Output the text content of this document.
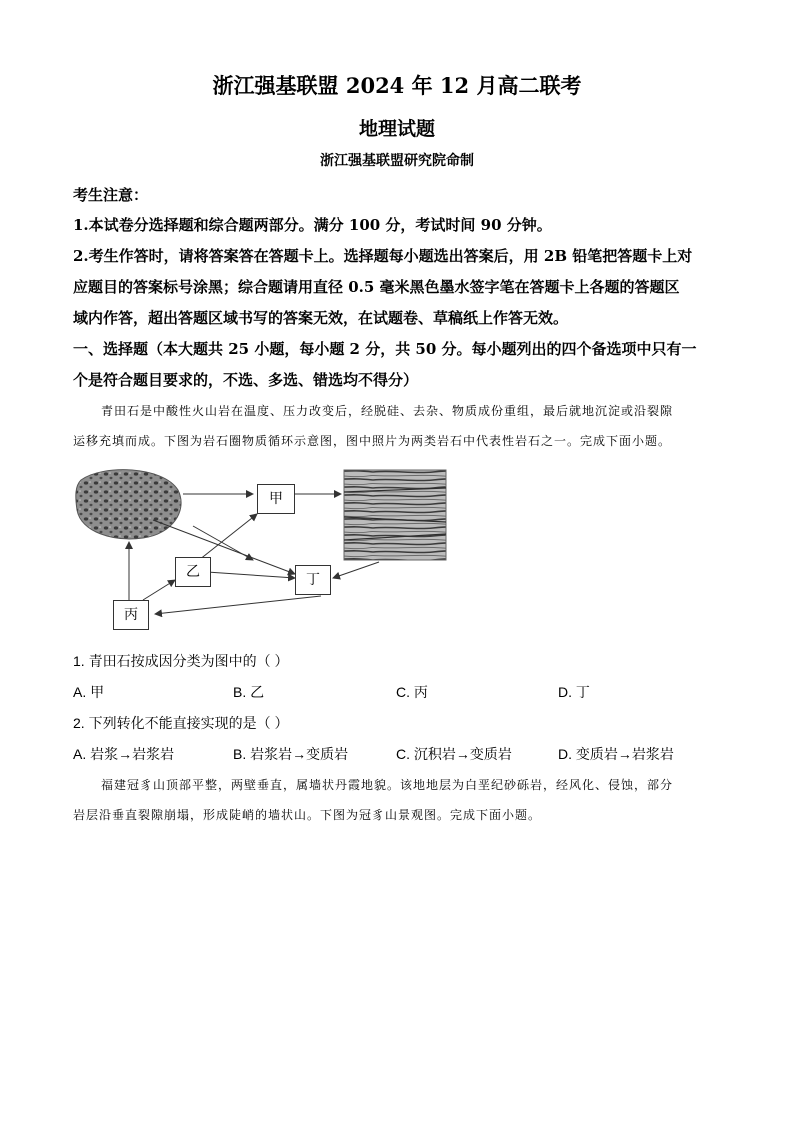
浙江强基联盟 2024 年 12 月高二联考
地理试题
浙江强基联盟研究院命制
考生注意：
1.本试卷分选择题和综合题两部分。满分 100 分，考试时间 90 分钟。
2.考生作答时，请将答案答在答题卡上。选择题每小题选出答案后，用 2B 铅笔把答题卡上对
应题目的答案标号涂黑；综合题请用直径 0.5 毫米黑色墨水签字笔在答题卡上各题的答题区
域内作答，超出答题区域书写的答案无效，在试题卷、草稿纸上作答无效。
一、选择题（本大题共 25 小题，每小题 2 分，共 50 分。每小题列出的四个备选项中只有一
个是符合题目要求的，不选、多选、错选均不得分）
青田石是中酸性火山岩在温度、压力改变后，经脱硅、去杂、物质成份重组，最后就地沉淀或沿裂隙
运移充填而成。下图为岩石圈物质循环示意图，图中照片为两类岩石中代表性岩石之一。完成下面小题。
甲
乙	丁
丙
1. 青田石按成因分类为图中的（ ）
A. 甲	B. 乙	C. 丙	D. 丁
2. 下列转化不能直接实现的是（ ）
A. 岩浆→岩浆岩	B. 岩浆岩→变质岩	C. 沉积岩→变质岩	D. 变质岩→岩浆岩
福建冠豸山顶部平整，两壁垂直，属墙状丹霞地貌。该地地层为白垩纪砂砾岩，经风化、侵蚀，部分
岩层沿垂直裂隙崩塌，形成陡峭的墙状山。下图为冠豸山景观图。完成下面小题。
